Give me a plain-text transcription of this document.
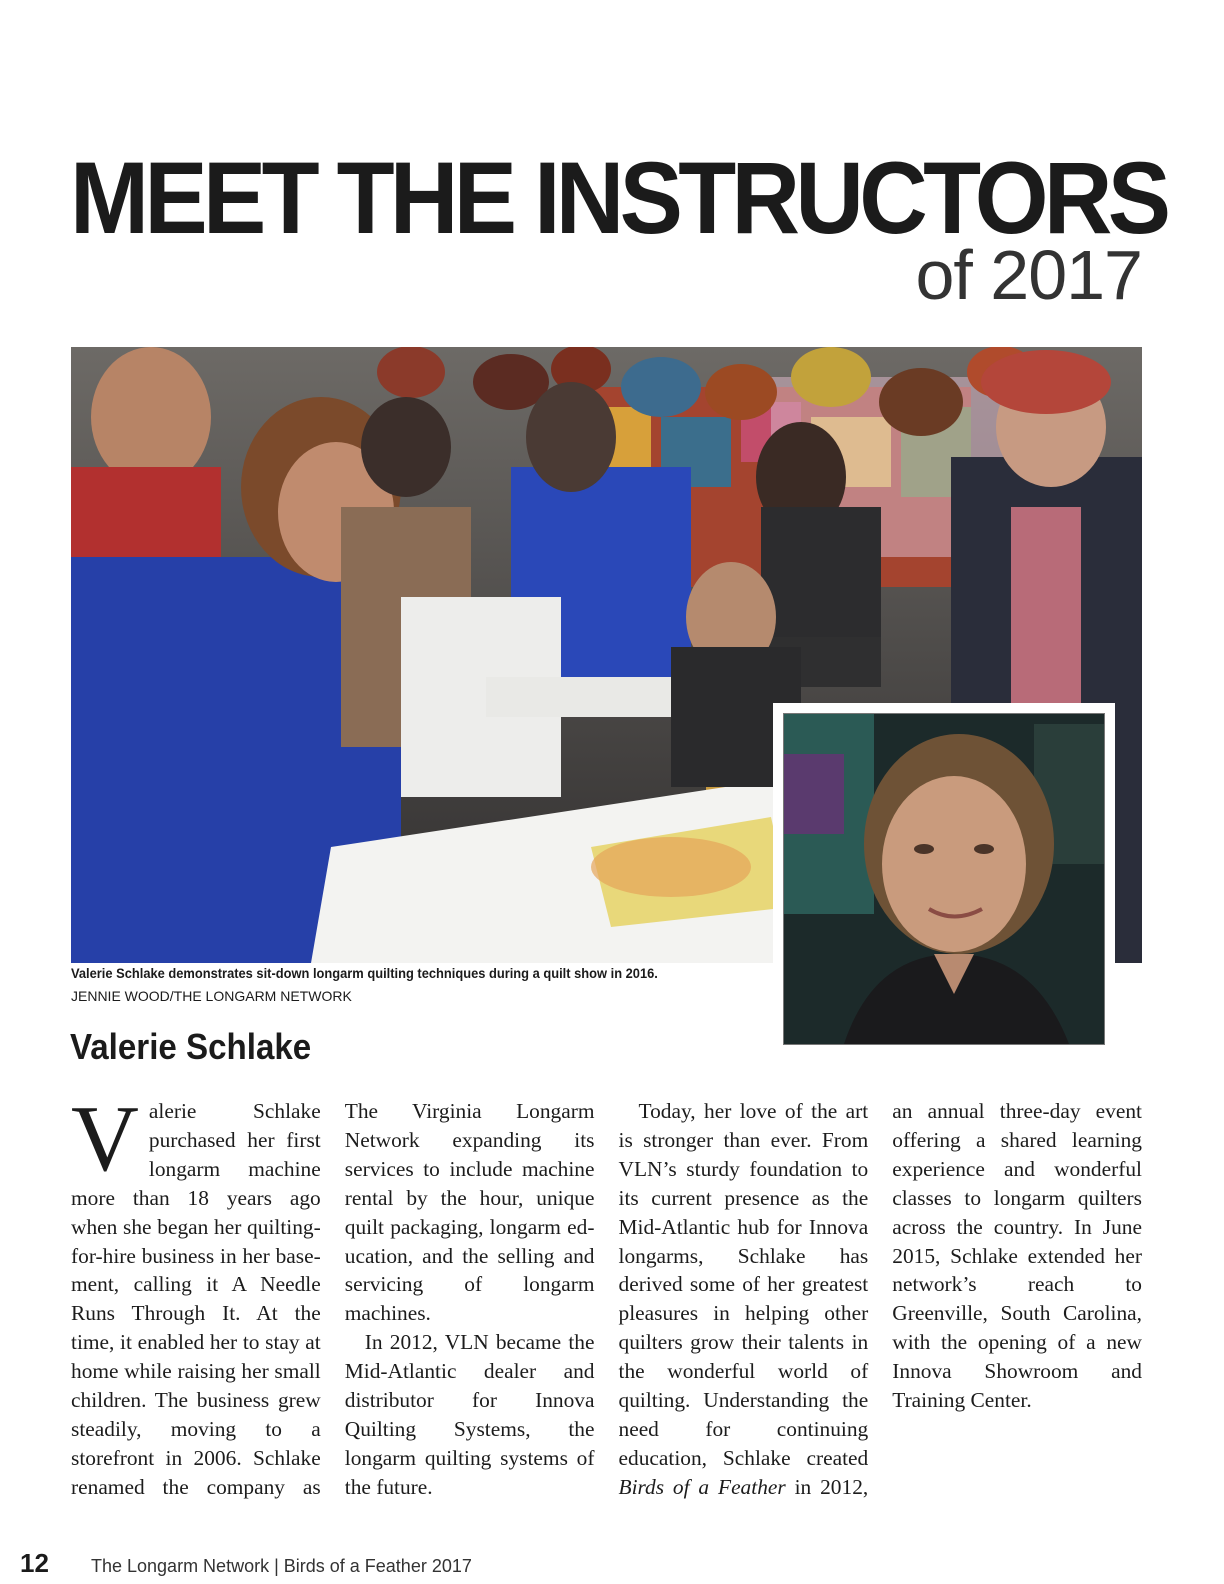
MEET THE INSTRUCTORS
of 2017
Valerie Schlake demonstrates sit-down longarm quilting techniques during a quilt show in 2016.
JENNIE WOOD/THE LONGARM NETWORK
Valerie Schlake

Valerie Schlake purchased her first longarm machine more than 18 years ago when she began her quilting-for-hire business in her basement, calling it A Needle Runs Through It. At the time, it enabled her to stay at home while raising her small children. The business grew steadily, moving to a storefront in 2006. Schlake renamed the company as The Virginia Longarm Network expanding its services to include machine rental by the hour, unique quilt packaging, longarm education, and the selling and servicing of longarm machines.

In 2012, VLN became the Mid-Atlantic dealer and distributor for Innova Quilting Systems, the longarm quilting systems of the future.

Today, her love of the art is stronger than ever. From VLN’s sturdy foundation to its current presence as the Mid-Atlantic hub for Innova longarms, Schlake has derived some of her greatest pleasures in helping other quilters grow their talents in the wonderful world of quilting. Understanding the need for continuing education, Schlake created Birds of a Feather in 2012, an annual three-day event offering a shared learning experience and wonderful classes to longarm quilters across the country. In June 2015, Schlake extended her network’s reach to Greenville, South Carolina, with the opening of a new Innova Showroom and Training Center.

12 The Longarm Network | Birds of a Feather 2017
